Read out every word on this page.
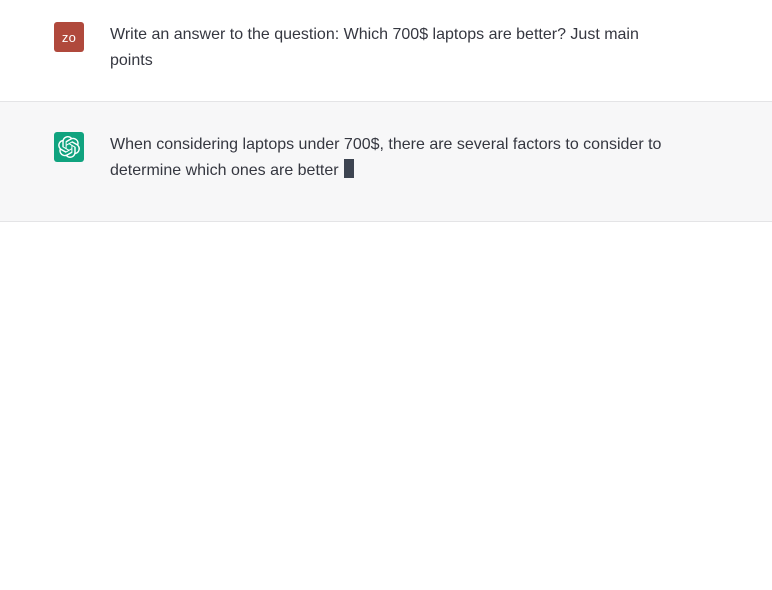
zo Write an answer to the question: Which 700$ laptops are better? Just main points
When considering laptops under 700$, there are several factors to consider to determine which ones are better
